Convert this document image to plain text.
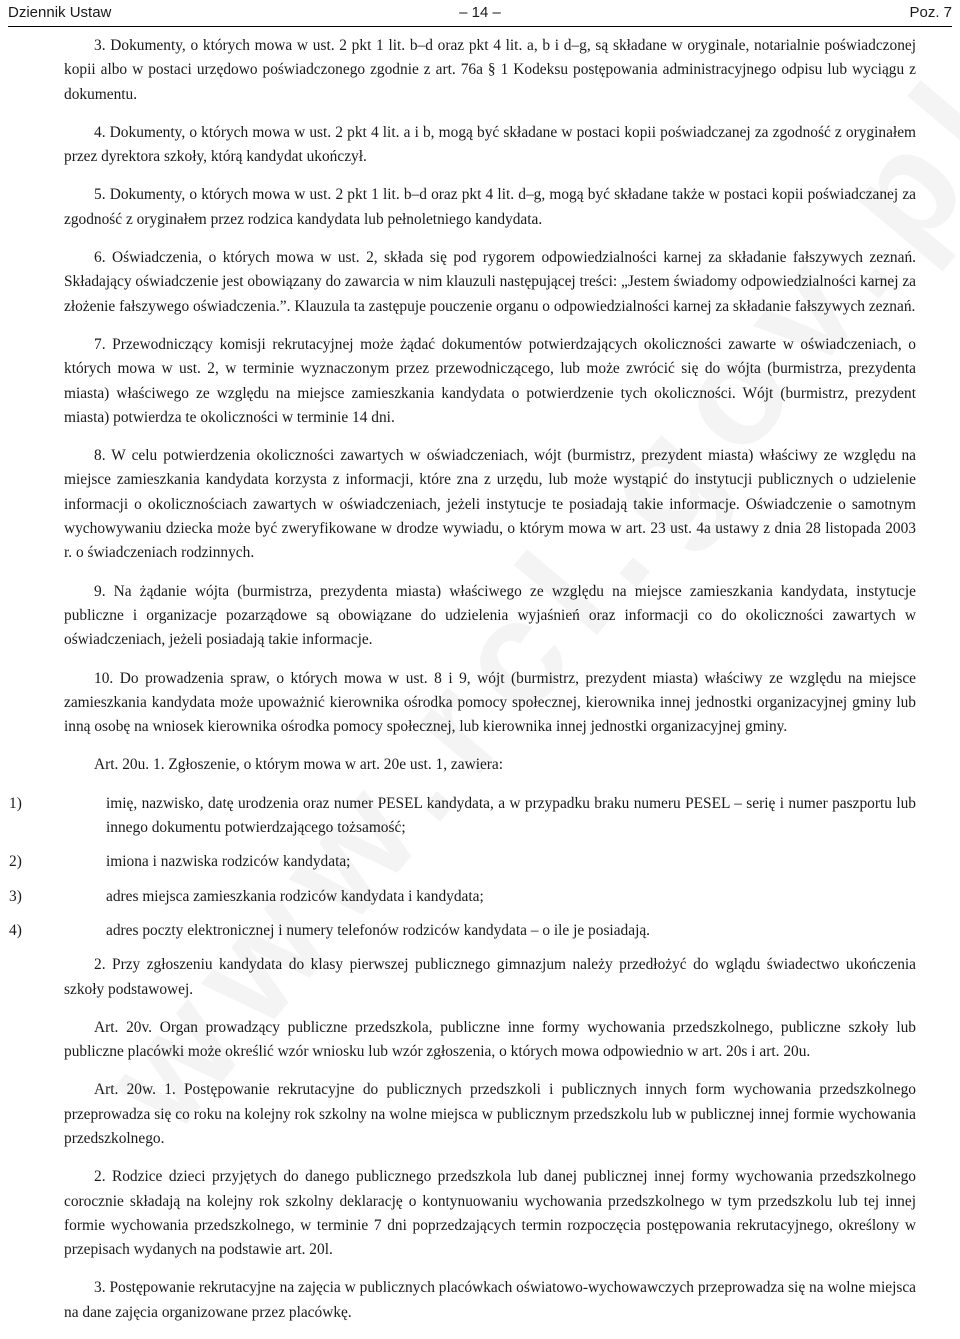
Dziennik Ustaw	– 14 –	Poz. 7

3. Dokumenty, o których mowa w ust. 2 pkt 1 lit. b–d oraz pkt 4 lit. a, b i d–g, są składane w oryginale, notarialnie poświadczonej kopii albo w postaci urzędowo poświadczonego zgodnie z art. 76a § 1 Kodeksu postępowania administracyjnego odpisu lub wyciągu z dokumentu.

4. Dokumenty, o których mowa w ust. 2 pkt 4 lit. a i b, mogą być składane w postaci kopii poświadczanej za zgodność z oryginałem przez dyrektora szkoły, którą kandydat ukończył.

5. Dokumenty, o których mowa w ust. 2 pkt 1 lit. b–d oraz pkt 4 lit. d–g, mogą być składane także w postaci kopii poświadczanej za zgodność z oryginałem przez rodzica kandydata lub pełnoletniego kandydata.

6. Oświadczenia, o których mowa w ust. 2, składa się pod rygorem odpowiedzialności karnej za składanie fałszywych zeznań. Składający oświadczenie jest obowiązany do zawarcia w nim klauzuli następującej treści: „Jestem świadomy odpowiedzialności karnej za złożenie fałszywego oświadczenia.”. Klauzula ta zastępuje pouczenie organu o odpowiedzialności karnej za składanie fałszywych zeznań.

7. Przewodniczący komisji rekrutacyjnej może żądać dokumentów potwierdzających okoliczności zawarte w oświadczeniach, o których mowa w ust. 2, w terminie wyznaczonym przez przewodniczącego, lub może zwrócić się do wójta (burmistrza, prezydenta miasta) właściwego ze względu na miejsce zamieszkania kandydata o potwierdzenie tych okoliczności. Wójt (burmistrz, prezydent miasta) potwierdza te okoliczności w terminie 14 dni.

8. W celu potwierdzenia okoliczności zawartych w oświadczeniach, wójt (burmistrz, prezydent miasta) właściwy ze względu na miejsce zamieszkania kandydata korzysta z informacji, które zna z urzędu, lub może wystąpić do instytucji publicznych o udzielenie informacji o okolicznościach zawartych w oświadczeniach, jeżeli instytucje te posiadają takie informacje. Oświadczenie o samotnym wychowywaniu dziecka może być zweryfikowane w drodze wywiadu, o którym mowa w art. 23 ust. 4a ustawy z dnia 28 listopada 2003 r. o świadczeniach rodzinnych.

9. Na żądanie wójta (burmistrza, prezydenta miasta) właściwego ze względu na miejsce zamieszkania kandydata, instytucje publiczne i organizacje pozarządowe są obowiązane do udzielenia wyjaśnień oraz informacji co do okoliczności zawartych w oświadczeniach, jeżeli posiadają takie informacje.

10. Do prowadzenia spraw, o których mowa w ust. 8 i 9, wójt (burmistrz, prezydent miasta) właściwy ze względu na miejsce zamieszkania kandydata może upoważnić kierownika ośrodka pomocy społecznej, kierownika innej jednostki organizacyjnej gminy lub inną osobę na wniosek kierownika ośrodka pomocy społecznej, lub kierownika innej jednostki organizacyjnej gminy.

Art. 20u. 1. Zgłoszenie, o którym mowa w art. 20e ust. 1, zawiera:

1)	imię, nazwisko, datę urodzenia oraz numer PESEL kandydata, a w przypadku braku numeru PESEL – serię i numer paszportu lub innego dokumentu potwierdzającego tożsamość;
2)	imiona i nazwiska rodziców kandydata;
3)	adres miejsca zamieszkania rodziców kandydata i kandydata;
4)	adres poczty elektronicznej i numery telefonów rodziców kandydata – o ile je posiadają.

2. Przy zgłoszeniu kandydata do klasy pierwszej publicznego gimnazjum należy przedłożyć do wglądu świadectwo ukończenia szkoły podstawowej.

Art. 20v. Organ prowadzący publiczne przedszkola, publiczne inne formy wychowania przedszkolnego, publiczne szkoły lub publiczne placówki może określić wzór wniosku lub wzór zgłoszenia, o których mowa odpowiednio w art. 20s i art. 20u.

Art. 20w. 1. Postępowanie rekrutacyjne do publicznych przedszkoli i publicznych innych form wychowania przedszkolnego przeprowadza się co roku na kolejny rok szkolny na wolne miejsca w publicznym przedszkolu lub w publicznej innej formie wychowania przedszkolnego.

2. Rodzice dzieci przyjętych do danego publicznego przedszkola lub danej publicznej innej formy wychowania przedszkolnego corocznie składają na kolejny rok szkolny deklarację o kontynuowaniu wychowania przedszkolnego w tym przedszkolu lub tej innej formie wychowania przedszkolnego, w terminie 7 dni poprzedzających termin rozpoczęcia postępowania rekrutacyjnego, określony w przepisach wydanych na podstawie art. 20l.

3. Postępowanie rekrutacyjne na zajęcia w publicznych placówkach oświatowo-wychowawczych przeprowadza się na wolne miejsca na dane zajęcia organizowane przez placówkę.
